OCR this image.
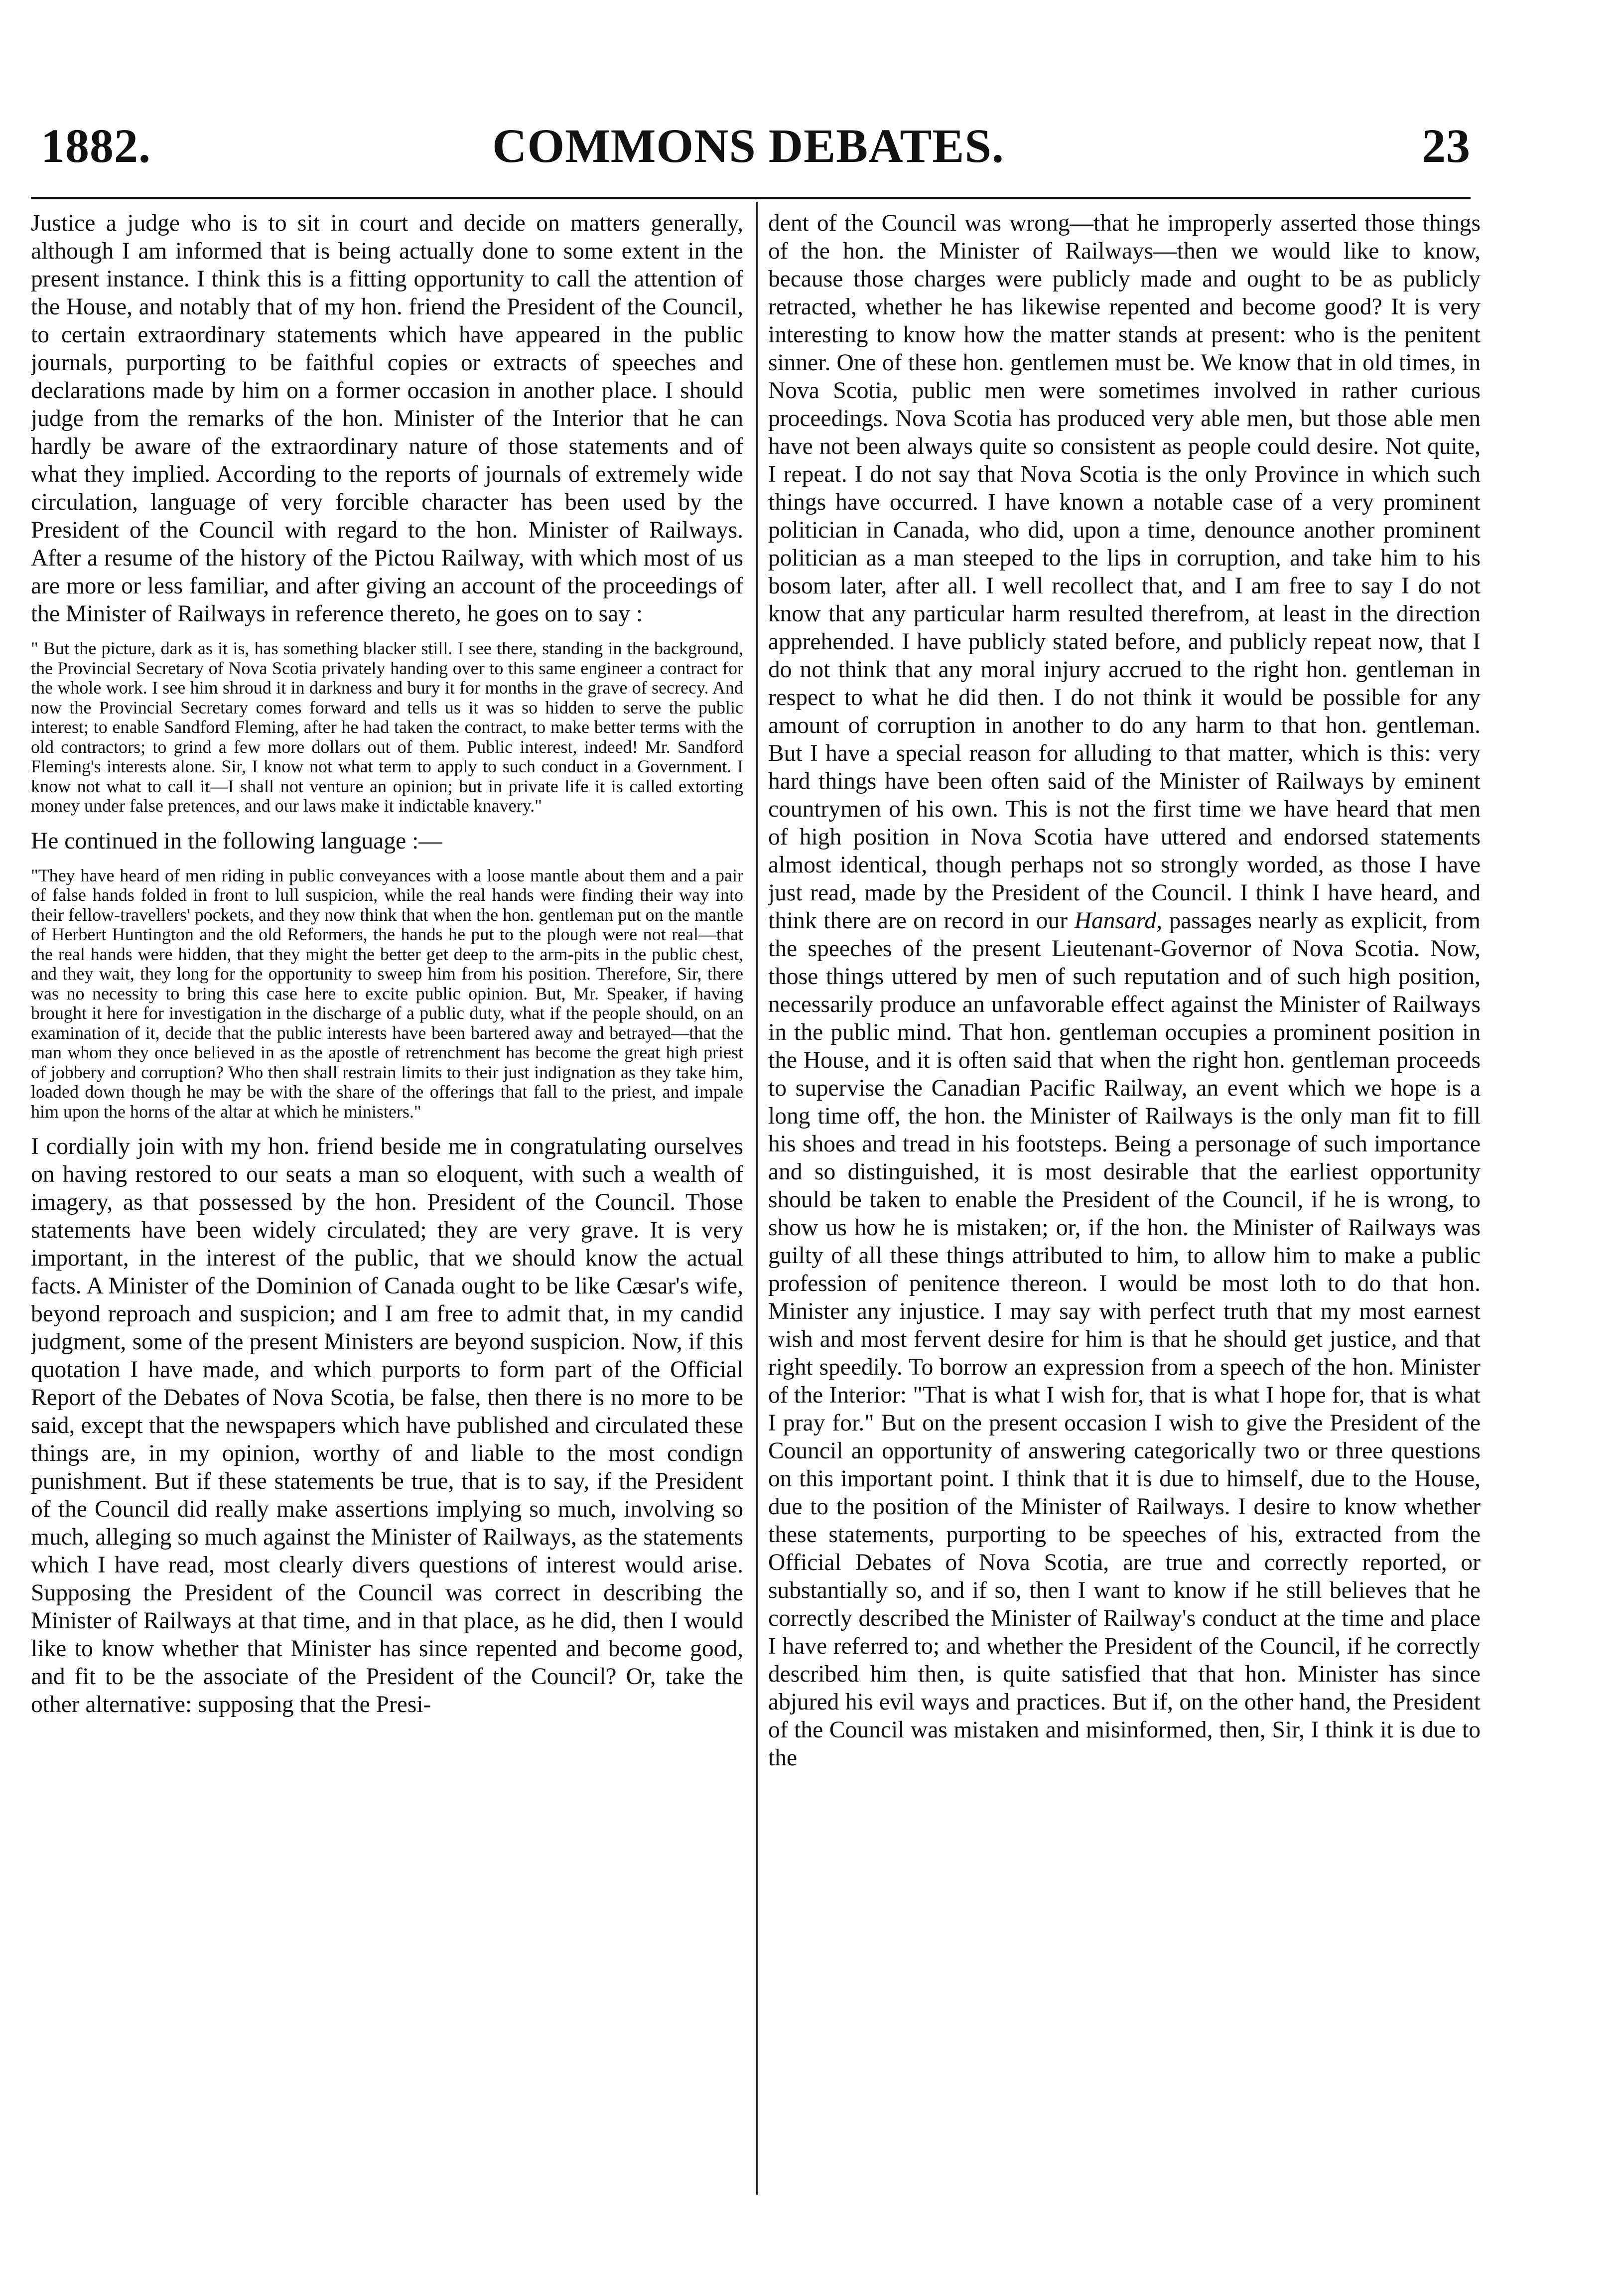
COMMONS DEBATES.
1882.	23

Justice a judge who is to sit in court and decide on matters generally, although I am informed that is being actually done to some extent in the present instance. I think this is a fitting opportunity to call the attention of the House, and notably that of my hon. friend the President of the Council, to certain extraordinary statements which have appeared in the public journals, purporting to be faithful copies or extracts of speeches and declarations made by him on a former occasion in another place. I should judge from the remarks of the hon. Minister of the Interior that he can hardly be aware of the extraordinary nature of those statements and of what they implied. According to the reports of journals of extremely wide circulation, language of very forcible character has been used by the President of the Council with regard to the hon. Minister of Railways. After a resume of the history of the Pictou Railway, with which most of us are more or less familiar, and after giving an account of the proceedings of the Minister of Railways in reference thereto, he goes on to say :

" But the picture, dark as it is, has something blacker still. I see there, standing in the background, the Provincial Secretary of Nova Scotia privately handing over to this same engineer a contract for the whole work. I see him shroud it in darkness and bury it for months in the grave of secrecy. And now the Provincial Secretary comes forward and tells us it was so hidden to serve the public interest; to enable Sandford Fleming, after he had taken the contract, to make better terms with the old contractors; to grind a few more dollars out of them. Public interest, indeed! Mr. Sandford Fleming's interests alone. Sir, I know not what term to apply to such conduct in a Government. I know not what to call it—I shall not venture an opinion; but in private life it is called extorting money under false pretences, and our laws make it indictable knavery."

He continued in the following language :—

"They have heard of men riding in public conveyances with a loose mantle about them and a pair of false hands folded in front to lull suspicion, while the real hands were finding their way into their fellow-travellers' pockets, and they now think that when the hon. gentleman put on the mantle of Herbert Huntington and the old Reformers, the hands he put to the plough were not real—that the real hands were hidden, that they might the better get deep to the arm-pits in the public chest, and they wait, they long for the opportunity to sweep him from his position. Therefore, Sir, there was no necessity to bring this case here to excite public opinion. But, Mr. Speaker, if having brought it here for investigation in the discharge of a public duty, what if the people should, on an examination of it, decide that the public interests have been bartered away and betrayed—that the man whom they once believed in as the apostle of retrenchment has become the great high priest of jobbery and corruption? Who then shall restrain limits to their just indignation as they take him, loaded down though he may be with the share of the offerings that fall to the priest, and impale him upon the horns of the altar at which he ministers."

I cordially join with my hon. friend beside me in congratulating ourselves on having restored to our seats a man so eloquent, with such a wealth of imagery, as that possessed by the hon. President of the Council. Those statements have been widely circulated; they are very grave. It is very important, in the interest of the public, that we should know the actual facts. A Minister of the Dominion of Canada ought to be like Cæsar's wife, beyond reproach and suspicion; and I am free to admit that, in my candid judgment, some of the present Ministers are beyond suspicion. Now, if this quotation I have made, and which purports to form part of the Official Report of the Debates of Nova Scotia, be false, then there is no more to be said, except that the newspapers which have published and circulated these things are, in my opinion, worthy of and liable to the most condign punishment. But if these statements be true, that is to say, if the President of the Council did really make assertions implying so much, involving so much, alleging so much against the Minister of Railways, as the statements which I have read, most clearly divers questions of interest would arise. Supposing the President of the Council was correct in describing the Minister of Railways at that time, and in that place, as he did, then I would like to know whether that Minister has since repented and become good, and fit to be the associate of the President of the Council? Or, take the other alternative: supposing that the Presi-

dent of the Council was wrong—that he improperly asserted those things of the hon. the Minister of Railways—then we would like to know, because those charges were publicly made and ought to be as publicly retracted, whether he has likewise repented and become good? It is very interesting to know how the matter stands at present: who is the penitent sinner. One of these hon. gentlemen must be. We know that in old times, in Nova Scotia, public men were sometimes involved in rather curious proceedings. Nova Scotia has produced very able men, but those able men have not been always quite so consistent as people could desire. Not quite, I repeat. I do not say that Nova Scotia is the only Province in which such things have occurred. I have known a notable case of a very prominent politician in Canada, who did, upon a time, denounce another prominent politician as a man steeped to the lips in corruption, and take him to his bosom later, after all. I well recollect that, and I am free to say I do not know that any particular harm resulted therefrom, at least in the direction apprehended. I have publicly stated before, and publicly repeat now, that I do not think that any moral injury accrued to the right hon. gentleman in respect to what he did then. I do not think it would be possible for any amount of corruption in another to do any harm to that hon. gentleman. But I have a special reason for alluding to that matter, which is this: very hard things have been often said of the Minister of Railways by eminent countrymen of his own. This is not the first time we have heard that men of high position in Nova Scotia have uttered and endorsed statements almost identical, though perhaps not so strongly worded, as those I have just read, made by the President of the Council. I think I have heard, and think there are on record in our Hansard, passages nearly as explicit, from the speeches of the present Lieutenant-Governor of Nova Scotia. Now, those things uttered by men of such reputation and of such high position, necessarily produce an unfavorable effect against the Minister of Railways in the public mind. That hon. gentleman occupies a prominent position in the House, and it is often said that when the right hon. gentleman proceeds to supervise the Canadian Pacific Railway, an event which we hope is a long time off, the hon. the Minister of Railways is the only man fit to fill his shoes and tread in his footsteps. Being a personage of such importance and so distinguished, it is most desirable that the earliest opportunity should be taken to enable the President of the Council, if he is wrong, to show us how he is mistaken; or, if the hon. the Minister of Railways was guilty of all these things attributed to him, to allow him to make a public profession of penitence thereon. I would be most loth to do that hon. Minister any injustice. I may say with perfect truth that my most earnest wish and most fervent desire for him is that he should get justice, and that right speedily. To borrow an expression from a speech of the hon. Minister of the Interior: "That is what I wish for, that is what I hope for, that is what I pray for." But on the present occasion I wish to give the President of the Council an opportunity of answering categorically two or three questions on this important point. I think that it is due to himself, due to the House, due to the position of the Minister of Railways. I desire to know whether these statements, purporting to be speeches of his, extracted from the Official Debates of Nova Scotia, are true and correctly reported, or substantially so, and if so, then I want to know if he still believes that he correctly described the Minister of Railway's conduct at the time and place I have referred to; and whether the President of the Council, if he correctly described him then, is quite satisfied that that hon. Minister has since abjured his evil ways and practices. But if, on the other hand, the President of the Council was mistaken and misinformed, then, Sir, I think it is due to the
